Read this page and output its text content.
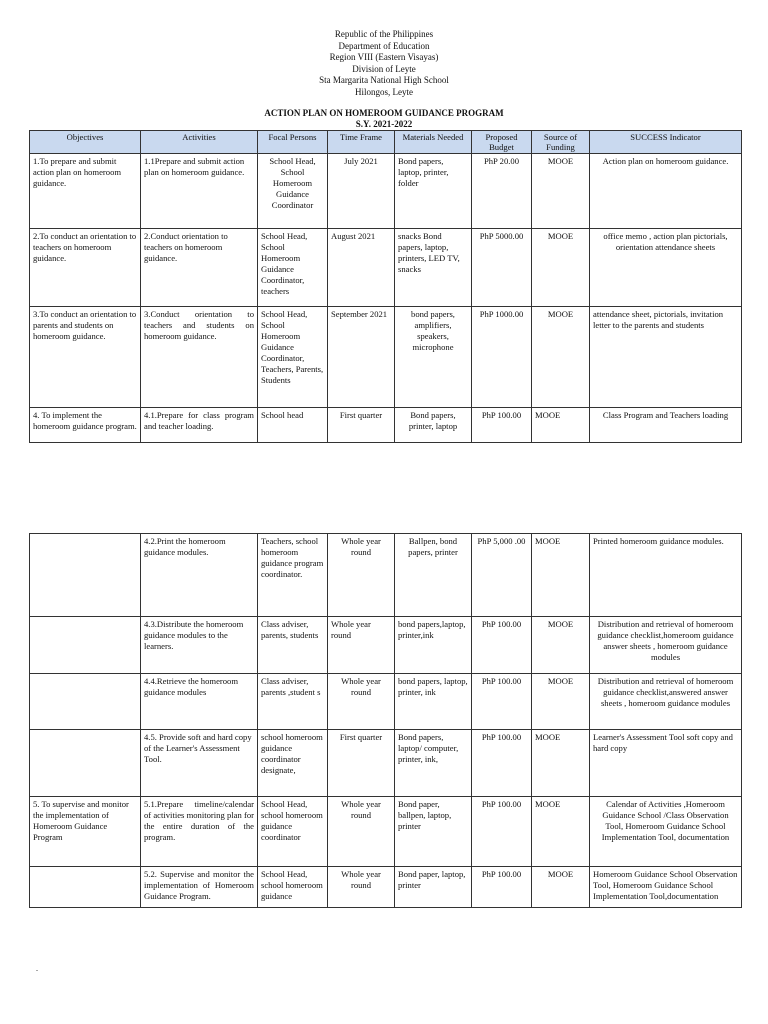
Republic of the Philippines
Department of Education
Region VIII (Eastern Visayas)
Division of Leyte
Sta Margarita National High School
Hilongos, Leyte
ACTION PLAN ON HOMEROOM GUIDANCE PROGRAM
S.Y. 2021-2022
Objectives	Activities	Focal Persons	Time Frame	Materials Needed	Proposed Budget	Source of Funding	SUCCESS Indicator
1.To prepare and submit action plan on homeroom guidance.	1.1Prepare and submit action plan on homeroom guidance.	School Head, School Homeroom Guidance Coordinator	July 2021	Bond papers, laptop, printer, folder	PhP 20.00	MOOE	Action plan on homeroom guidance.
2.To conduct an orientation to teachers on homeroom guidance.	2.Conduct orientation to teachers on homeroom guidance.	School Head, School Homeroom Guidance Coordinator, teachers	August 2021	snacks Bond papers, laptop, printers, LED TV, snacks	PhP 5000.00	MOOE	office memo , action plan pictorials, orientation attendance sheets
3.To conduct an orientation to parents and students on homeroom guidance.	3.Conduct orientation to teachers and students on homeroom guidance.	School Head, School Homeroom Guidance Coordinator, Teachers, Parents, Students	September 2021	bond papers, amplifiers, speakers, microphone	PhP 1000.00	MOOE	attendance sheet, pictorials, invitation letter to the parents and students
4. To implement the homeroom guidance program.	4.1.Prepare for class program and teacher loading.	School head	First quarter	Bond papers, printer, laptop	PhP 100.00	MOOE	Class Program and Teachers loading
	4.2.Print the homeroom guidance modules.	Teachers, school homeroom guidance program coordinator.	Whole year round	Ballpen, bond papers, printer	PhP 5,000 .00	MOOE	Printed homeroom guidance modules.
	4.3.Distribute the homeroom guidance modules to the learners.	Class adviser, parents, students	Whole year round	bond papers,laptop, printer,ink	PhP 100.00	MOOE	Distribution and retrieval of homeroom guidance checklist,homeroom guidance answer sheets , homeroom guidance modules
	4.4.Retrieve the homeroom guidance modules	Class adviser, parents ,student s	Whole year round	bond papers, laptop, printer, ink	PhP 100.00	MOOE	Distribution and retrieval of homeroom guidance checklist,answered answer sheets , homeroom guidance modules
	4.5. Provide soft and hard copy of the Learner's Assessment Tool.	school homeroom guidance coordinator designate,	First quarter	Bond papers, laptop/ computer, printer, ink,	PhP 100.00	MOOE	Learner's Assessment Tool soft copy and hard copy
5. To supervise and monitor the implementation of Homeroom Guidance Program	5.1.Prepare timeline/calendar of activities monitoring plan for the entire duration of the program.	School Head, school homeroom guidance coordinator	Whole year round	Bond paper, ballpen, laptop, printer	PhP 100.00	MOOE	Calendar of Activities ,Homeroom Guidance School /Class Observation Tool, Homeroom Guidance School Implementation Tool, documentation
	5.2. Supervise and monitor the implementation of Homeroom Guidance Program.	School Head, school homeroom guidance	Whole year round	Bond paper, laptop, printer	PhP 100.00	MOOE	Homeroom Guidance School Observation Tool, Homeroom Guidance School Implementation Tool,documentation
.
